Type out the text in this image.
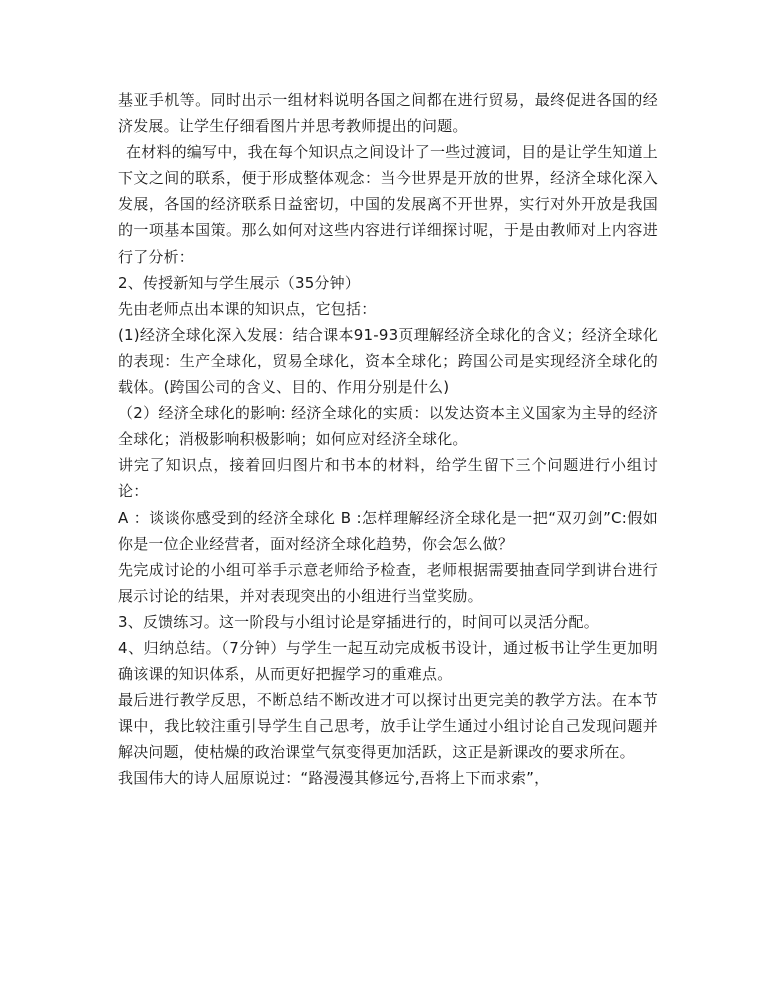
基亚手机等。同时出示一组材料说明各国之间都在进行贸易，最终促进各国的经济发展。让学生仔细看图片并思考教师提出的问题。

在材料的编写中，我在每个知识点之间设计了一些过渡词，目的是让学生知道上下文之间的联系，便于形成整体观念：当今世界是开放的世界，经济全球化深入发展，各国的经济联系日益密切，中国的发展离不开世界，实行对外开放是我国的一项基本国策。那么如何对这些内容进行详细探讨呢，于是由教师对上内容进行了分析：

2、传授新知与学生展示（35分钟）

先由老师点出本课的知识点，它包括：

(1)经济全球化深入发展：结合课本91-93页理解经济全球化的含义；经济全球化的表现：生产全球化，贸易全球化，资本全球化；跨国公司是实现经济全球化的载体。(跨国公司的含义、目的、作用分别是什么)

（2）经济全球化的影响: 经济全球化的实质：以发达资本主义国家为主导的经济全球化；消极影响积极影响；如何应对经济全球化。

讲完了知识点，接着回归图片和书本的材料，给学生留下三个问题进行小组讨论：

A ：谈谈你感受到的经济全球化 B :怎样理解经济全球化是一把“双刃剑”C:假如你是一位企业经营者，面对经济全球化趋势，你会怎么做？

先完成讨论的小组可举手示意老师给予检查，老师根据需要抽查同学到讲台进行展示讨论的结果，并对表现突出的小组进行当堂奖励。

3、反馈练习。这一阶段与小组讨论是穿插进行的，时间可以灵活分配。

4、归纳总结。（7分钟）与学生一起互动完成板书设计，通过板书让学生更加明确该课的知识体系，从而更好把握学习的重难点。

最后进行教学反思，不断总结不断改进才可以探讨出更完美的教学方法。在本节课中，我比较注重引导学生自己思考，放手让学生通过小组讨论自己发现问题并解决问题，使枯燥的政治课堂气氛变得更加活跃，这正是新课改的要求所在。

我国伟大的诗人屈原说过：“路漫漫其修远兮,吾将上下而求索”，
